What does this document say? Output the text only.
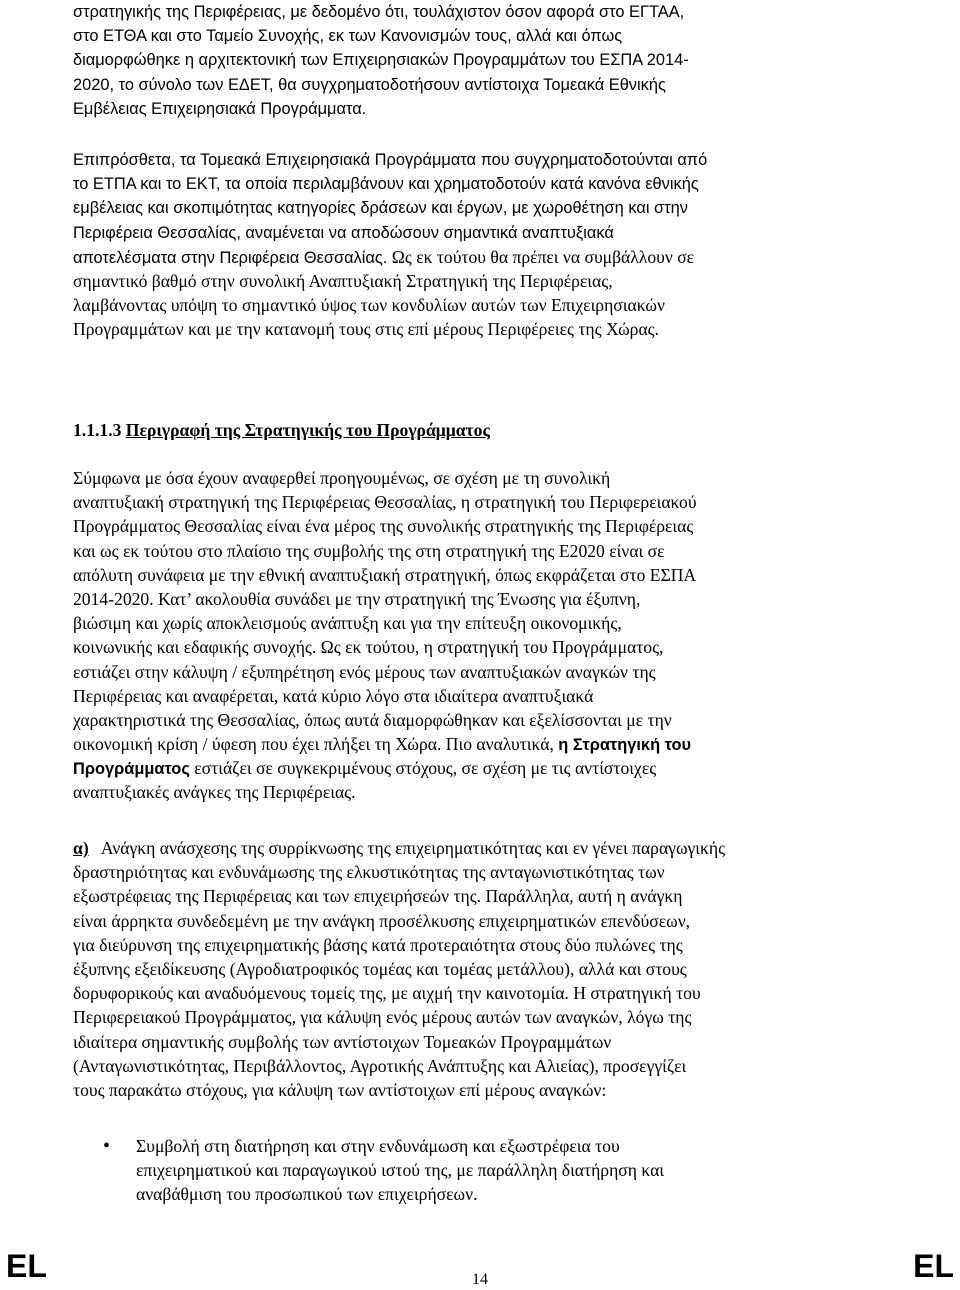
στρατηγικής της Περιφέρειας, με δεδομένο ότι, τουλάχιστον όσον αφορά στο ΕΓΤΑΑ,
στο ΕΤΘΑ και στο Ταμείο Συνοχής, εκ των Κανονισμών τους, αλλά και όπως
διαμορφώθηκε η αρχιτεκτονική των Επιχειρησιακών Προγραμμάτων του ΕΣΠΑ 2014-
2020, το σύνολο των ΕΔΕΤ, θα συγχρηματοδοτήσουν αντίστοιχα Τομεακά Εθνικής
Εμβέλειας Επιχειρησιακά Προγράμματα.
Επιπρόσθετα, τα Τομεακά Επιχειρησιακά Προγράμματα που συγχρηματοδοτούνται από
το ΕΤΠΑ και το ΕΚΤ, τα οποία περιλαμβάνουν και χρηματοδοτούν κατά κανόνα εθνικής
εμβέλειας και σκοπιμότητας κατηγορίες δράσεων και έργων, με χωροθέτηση και στην
Περιφέρεια Θεσσαλίας, αναμένεται να αποδώσουν σημαντικά αναπτυξιακά
αποτελέσματα στην Περιφέρεια Θεσσαλίας. Ως εκ τούτου θα πρέπει να συμβάλλουν σε
σημαντικό βαθμό στην συνολική Αναπτυξιακή Στρατηγική της Περιφέρειας,
λαμβάνοντας υπόψη το σημαντικό ύψος των κονδυλίων αυτών των Επιχειρησιακών
Προγραμμάτων και με την κατανομή τους στις επί μέρους Περιφέρειες της Χώρας.
1.1.1.3 Περιγραφή της Στρατηγικής του Προγράμματος
Σύμφωνα με όσα έχουν αναφερθεί προηγουμένως, σε σχέση με τη συνολική
αναπτυξιακή στρατηγική της Περιφέρειας Θεσσαλίας, η στρατηγική του Περιφερειακού
Προγράμματος Θεσσαλίας είναι ένα μέρος της συνολικής στρατηγικής της Περιφέρειας
και ως εκ τούτου στο πλαίσιο της συμβολής της στη στρατηγική της Ε2020 είναι σε
απόλυτη συνάφεια με την εθνική αναπτυξιακή στρατηγική, όπως εκφράζεται στο ΕΣΠΑ
2014-2020. Κατ’ ακολουθία συνάδει με την στρατηγική της Ένωσης για έξυπνη,
βιώσιμη και χωρίς αποκλεισμούς ανάπτυξη και για την επίτευξη οικονομικής,
κοινωνικής και εδαφικής συνοχής. Ως εκ τούτου, η στρατηγική του Προγράμματος,
εστιάζει στην κάλυψη / εξυπηρέτηση ενός μέρους των αναπτυξιακών αναγκών της
Περιφέρειας και αναφέρεται, κατά κύριο λόγο στα ιδιαίτερα αναπτυξιακά
χαρακτηριστικά της Θεσσαλίας, όπως αυτά διαμορφώθηκαν και εξελίσσονται με την
οικονομική κρίση / ύφεση που έχει πλήξει τη Χώρα. Πιο αναλυτικά, η Στρατηγική του
Προγράμματος εστιάζει σε συγκεκριμένους στόχους, σε σχέση με τις αντίστοιχες
αναπτυξιακές ανάγκες της Περιφέρειας.
α) Ανάγκη ανάσχεσης της συρρίκνωσης της επιχειρηματικότητας και εν γένει παραγωγικής
δραστηριότητας και ενδυνάμωσης της ελκυστικότητας της ανταγωνιστικότητας των
εξωστρέφειας της Περιφέρειας και των επιχειρήσεών της. Παράλληλα, αυτή η ανάγκη
είναι άρρηκτα συνδεδεμένη με την ανάγκη προσέλκυσης επιχειρηματικών επενδύσεων,
για διεύρυνση της επιχειρηματικής βάσης κατά προτεραιότητα στους δύο πυλώνες της
έξυπνης εξειδίκευσης (Αγροδιατροφικός τομέας και τομέας μετάλλου), αλλά και στους
δορυφορικούς και αναδυόμενους τομείς της, με αιχμή την καινοτομία. Η στρατηγική του
Περιφερειακού Προγράμματος, για κάλυψη ενός μέρους αυτών των αναγκών, λόγω της
ιδιαίτερα σημαντικής συμβολής των αντίστοιχων Τομεακών Προγραμμάτων
(Ανταγωνιστικότητας, Περιβάλλοντος, Αγροτικής Ανάπτυξης και Αλιείας), προσεγγίζει
τους παρακάτω στόχους, για κάλυψη των αντίστοιχων επί μέρους αναγκών:
• Συμβολή στη διατήρηση και στην ενδυνάμωση και εξωστρέφεια του
επιχειρηματικού και παραγωγικού ιστού της, με παράλληλη διατήρηση και
αναβάθμιση του προσωπικού των επιχειρήσεων.
EL	14	EL
